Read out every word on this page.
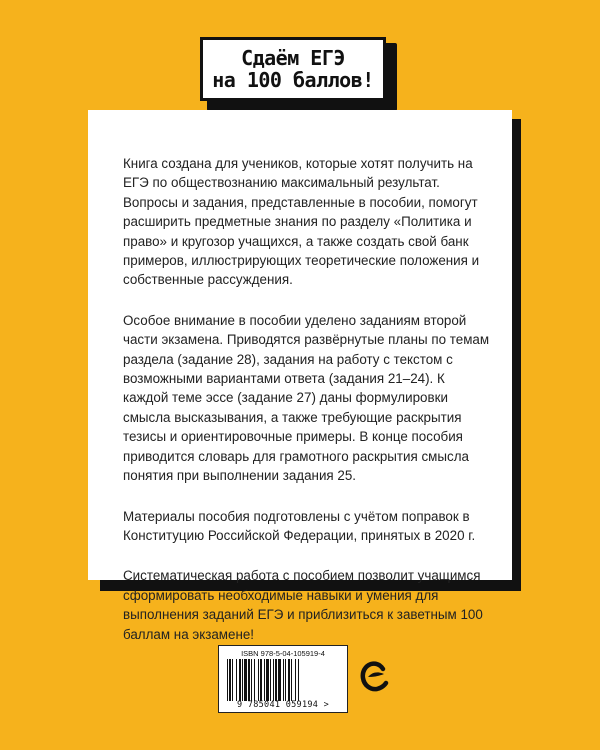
Сдаём ЕГЭ
на 100 баллов!

Книга создана для учеников, которые хотят получить на ЕГЭ по обществознанию максимальный результат. Вопросы и задания, представленные в пособии, помогут расширить предметные знания по разделу «Политика и право» и кругозор учащихся, а также создать свой банк примеров, иллюстрирующих теоретические положения и собственные рассуждения.

Особое внимание в пособии уделено заданиям второй части экзамена. Приводятся развёрнутые планы по темам раздела (задание 28), задания на работу с текстом с возможными вариантами ответа (задания 21–24). К каждой теме эссе (задание 27) даны формулировки смысла высказывания, а также требующие раскрытия тезисы и ориентировочные примеры. В конце пособия приводится словарь для грамотного раскрытия смысла понятия при выполнении задания 25.

Материалы пособия подготовлены с учётом поправок в Конституцию Российской Федерации, принятых в 2020 г.

Систематическая работа с пособием позволит учащимся сформировать необходимые навыки и умения для выполнения заданий ЕГЭ и приблизиться к заветным 100 баллам на экзамене!

ISBN 978-5-04-105919-4
9 785041 059194 >
